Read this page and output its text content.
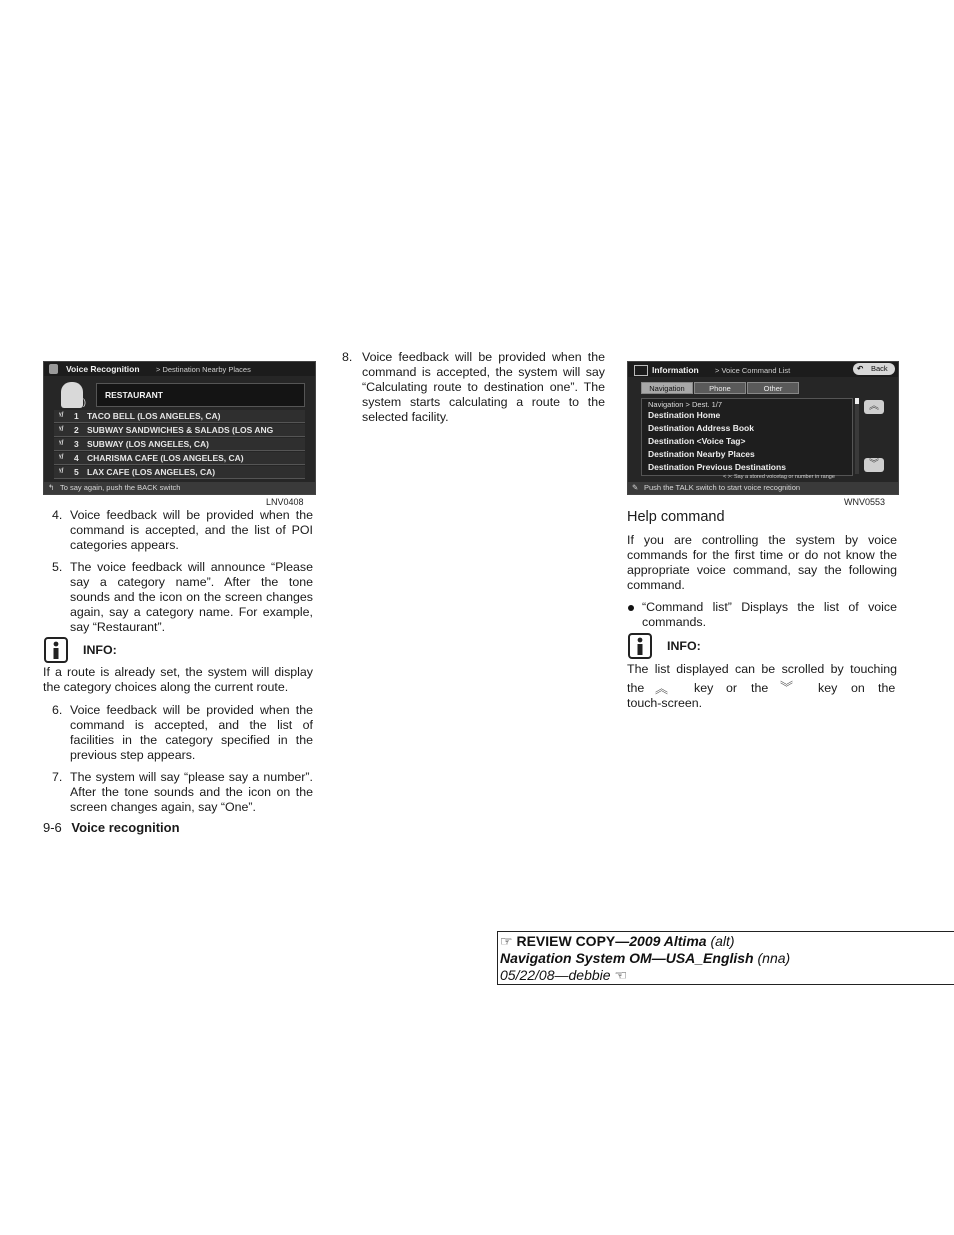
Voice Recognition > Destination Nearby Places
))
RESTAURANT
ᵞ/ 1 TACO BELL (LOS ANGELES, CA)
ᵞ/ 2 SUBWAY SANDWICHES & SALADS (LOS ANG
ᵞ/ 3 SUBWAY (LOS ANGELES, CA)
ᵞ/ 4 CHARISMA CAFE (LOS ANGELES, CA)
ᵞ/ 5 LAX CAFE (LOS ANGELES, CA)
↰ To say again, push the BACK switch
LNV0408
4. Voice feedback will be provided when the command is accepted, and the list of POI categories appears.
5. The voice feedback will announce “Please say a category name”. After the tone sounds and the icon on the screen changes again, say a category name. For example, say “Restaurant”.
INFO:
If a route is already set, the system will display the category choices along the current route.
6. Voice feedback will be provided when the command is accepted, and the list of facilities in the category specified in the previous step appears.
7. The system will say “please say a number”. After the tone sounds and the icon on the screen changes again, say “One”.
9-6 Voice recognition
8. Voice feedback will be provided when the command is accepted, the system will say “Calculating route to destination one”. The system starts calculating a route to the selected facility.
Information > Voice Command List	↶ Back
Navigation	Phone	Other
Navigation > Dest. 1/7
Destination Home
Destination Address Book
Destination <Voice Tag>
Destination Nearby Places
Destination Previous Destinations
︽
︾
< >: Say a stored voicetag or number in range
✎ Push the TALK switch to start voice recognition
WNV0553
Help command
If you are controlling the system by voice commands for the first time or do not know the appropriate voice command, say the following command.
“Command list” Displays the list of voice commands.
INFO:
The list displayed can be scrolled by touching
the ︽ key or the ︾ key on the
touch-screen.
☞ REVIEW COPY—2009 Altima (alt)
Navigation System OM—USA_English (nna)
05/22/08—debbie ☜
